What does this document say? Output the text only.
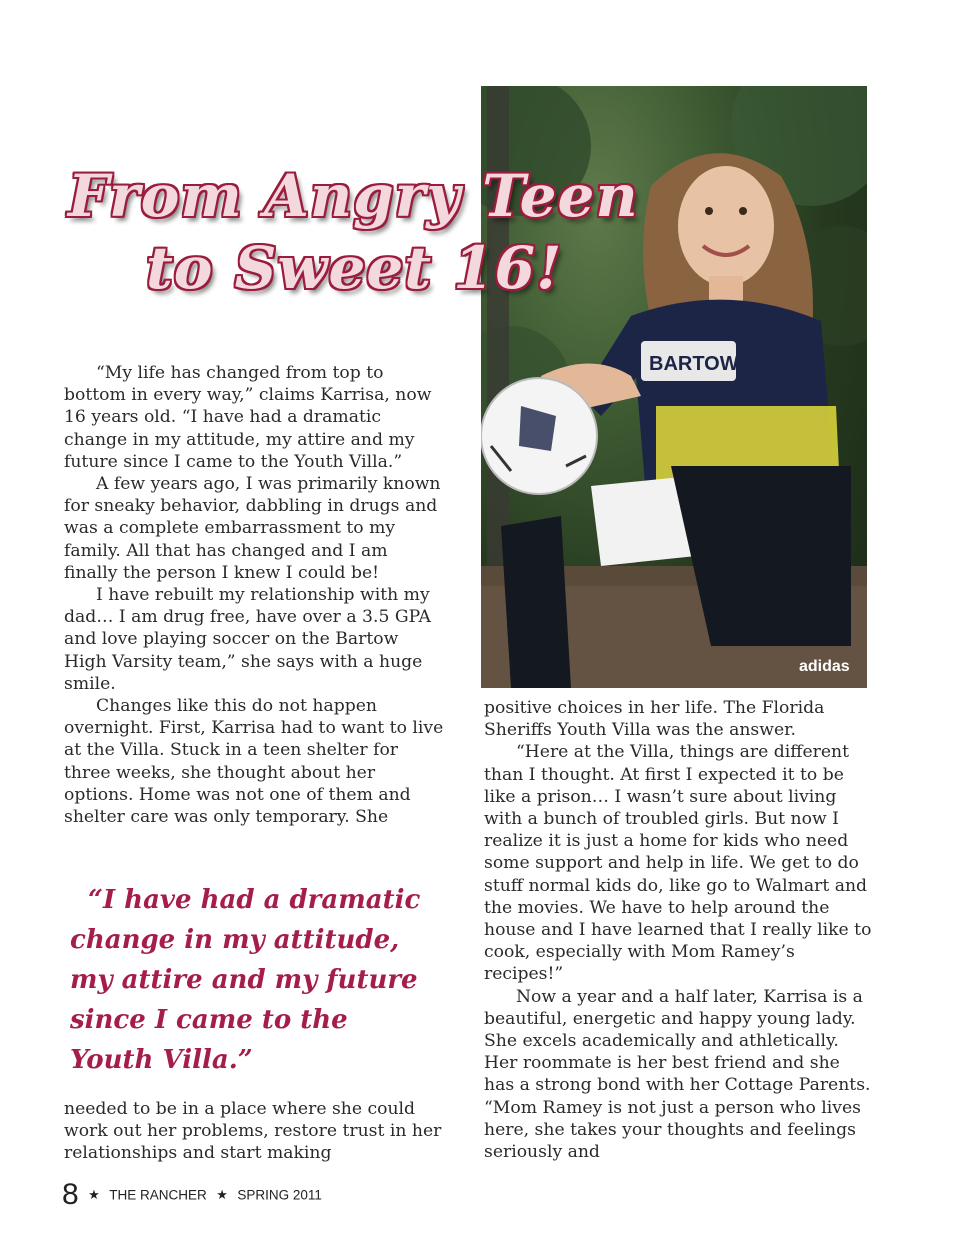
BARTOW
adidas
From Angry Teen
to Sweet 16!

“My life has changed from top to bottom in every way,” claims Karrisa, now 16 years old. “I have had a dramatic change in my attitude, my attire and my future since I came to the Youth Villa.”

A few years ago, I was primarily known for sneaky behavior, dabbling in drugs and was a complete embarrassment to my family. All that has changed and I am finally the person I knew I could be!

I have rebuilt my relationship with my dad… I am drug free, have over a 3.5 GPA and love playing soccer on the Bartow High Varsity team,” she says with a huge smile.

Changes like this do not happen overnight. First, Karrisa had to want to live at the Villa. Stuck in a teen shelter for three weeks, she thought about her options. Home was not one of them and shelter care was only temporary. She

“I have had a dramatic
change in my attitude,
my attire and my future
since I came to the
Youth Villa.”

needed to be in a place where she could work out her problems, restore trust in her relationships and start making

positive choices in her life. The Florida Sheriffs Youth Villa was the answer.

“Here at the Villa, things are different than I thought. At first I expected it to be like a prison… I wasn’t sure about living with a bunch of troubled girls. But now I realize it is just a home for kids who need some support and help in life. We get to do stuff normal kids do, like go to Walmart and the movies. We have to help around the house and I have learned that I really like to cook, especially with Mom Ramey’s recipes!”

Now a year and a half later, Karrisa is a beautiful, energetic and happy young lady. She excels academically and athletically. Her roommate is her best friend and she has a strong bond with her Cottage Parents. “Mom Ramey is not just a person who lives here, she takes your thoughts and feelings seriously and

8 ★ THE RANCHER ★ SPRING 2011
